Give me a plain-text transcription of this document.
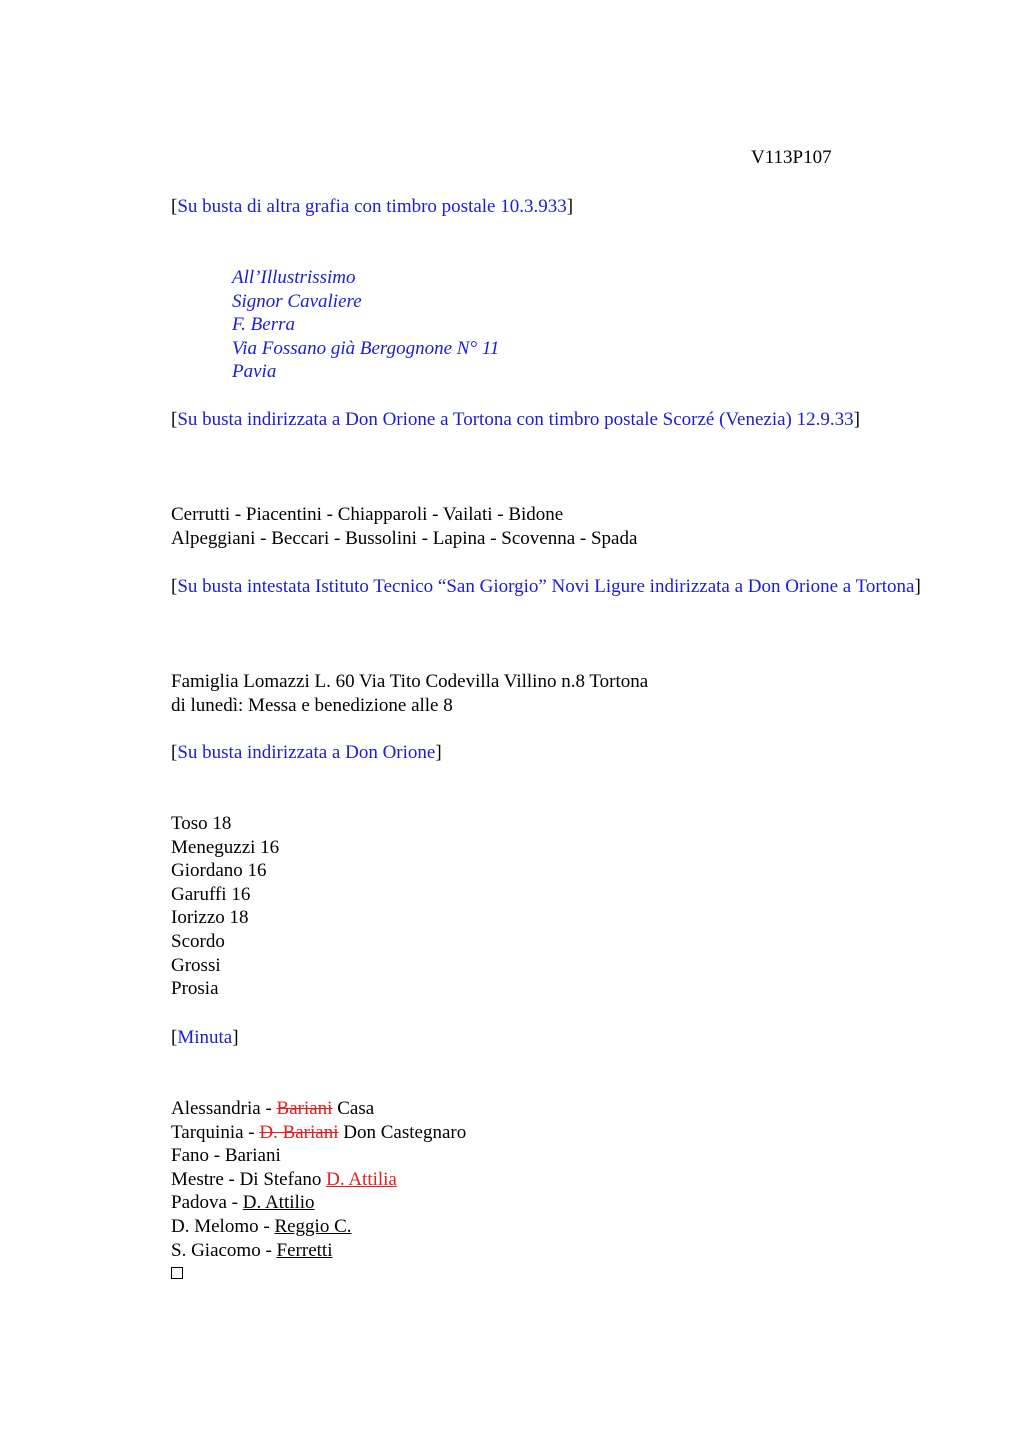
V113P107
[Su busta di altra grafia con timbro postale 10.3.933]
All’Illustrissimo
Signor Cavaliere
F. Berra
Via Fossano già Bergognone N° 11
Pavia
[Su busta indirizzata a Don Orione a Tortona con timbro postale Scorzé (Venezia) 12.9.33]
Cerrutti - Piacentini - Chiapparoli - Vailati - Bidone
Alpeggiani - Beccari - Bussolini - Lapina - Scovenna - Spada
[Su busta intestata Istituto Tecnico “San Giorgio” Novi Ligure indirizzata a Don Orione a Tortona]
Famiglia Lomazzi L. 60 Via Tito Codevilla Villino n.8 Tortona
di lunedì: Messa e benedizione alle 8
[Su busta indirizzata a Don Orione]
Toso 18
Meneguzzi 16
Giordano 16
Garuffi 16
Iorizzo 18
Scordo
Grossi
Prosia
[Minuta]
Alessandria - Bariani Casa
Tarquinia - D. Bariani Don Castegnaro
Fano - Bariani
Mestre - Di Stefano D. Attilia
Padova - D. Attilio
D. Melomo - Reggio C.
S. Giacomo - Ferretti
